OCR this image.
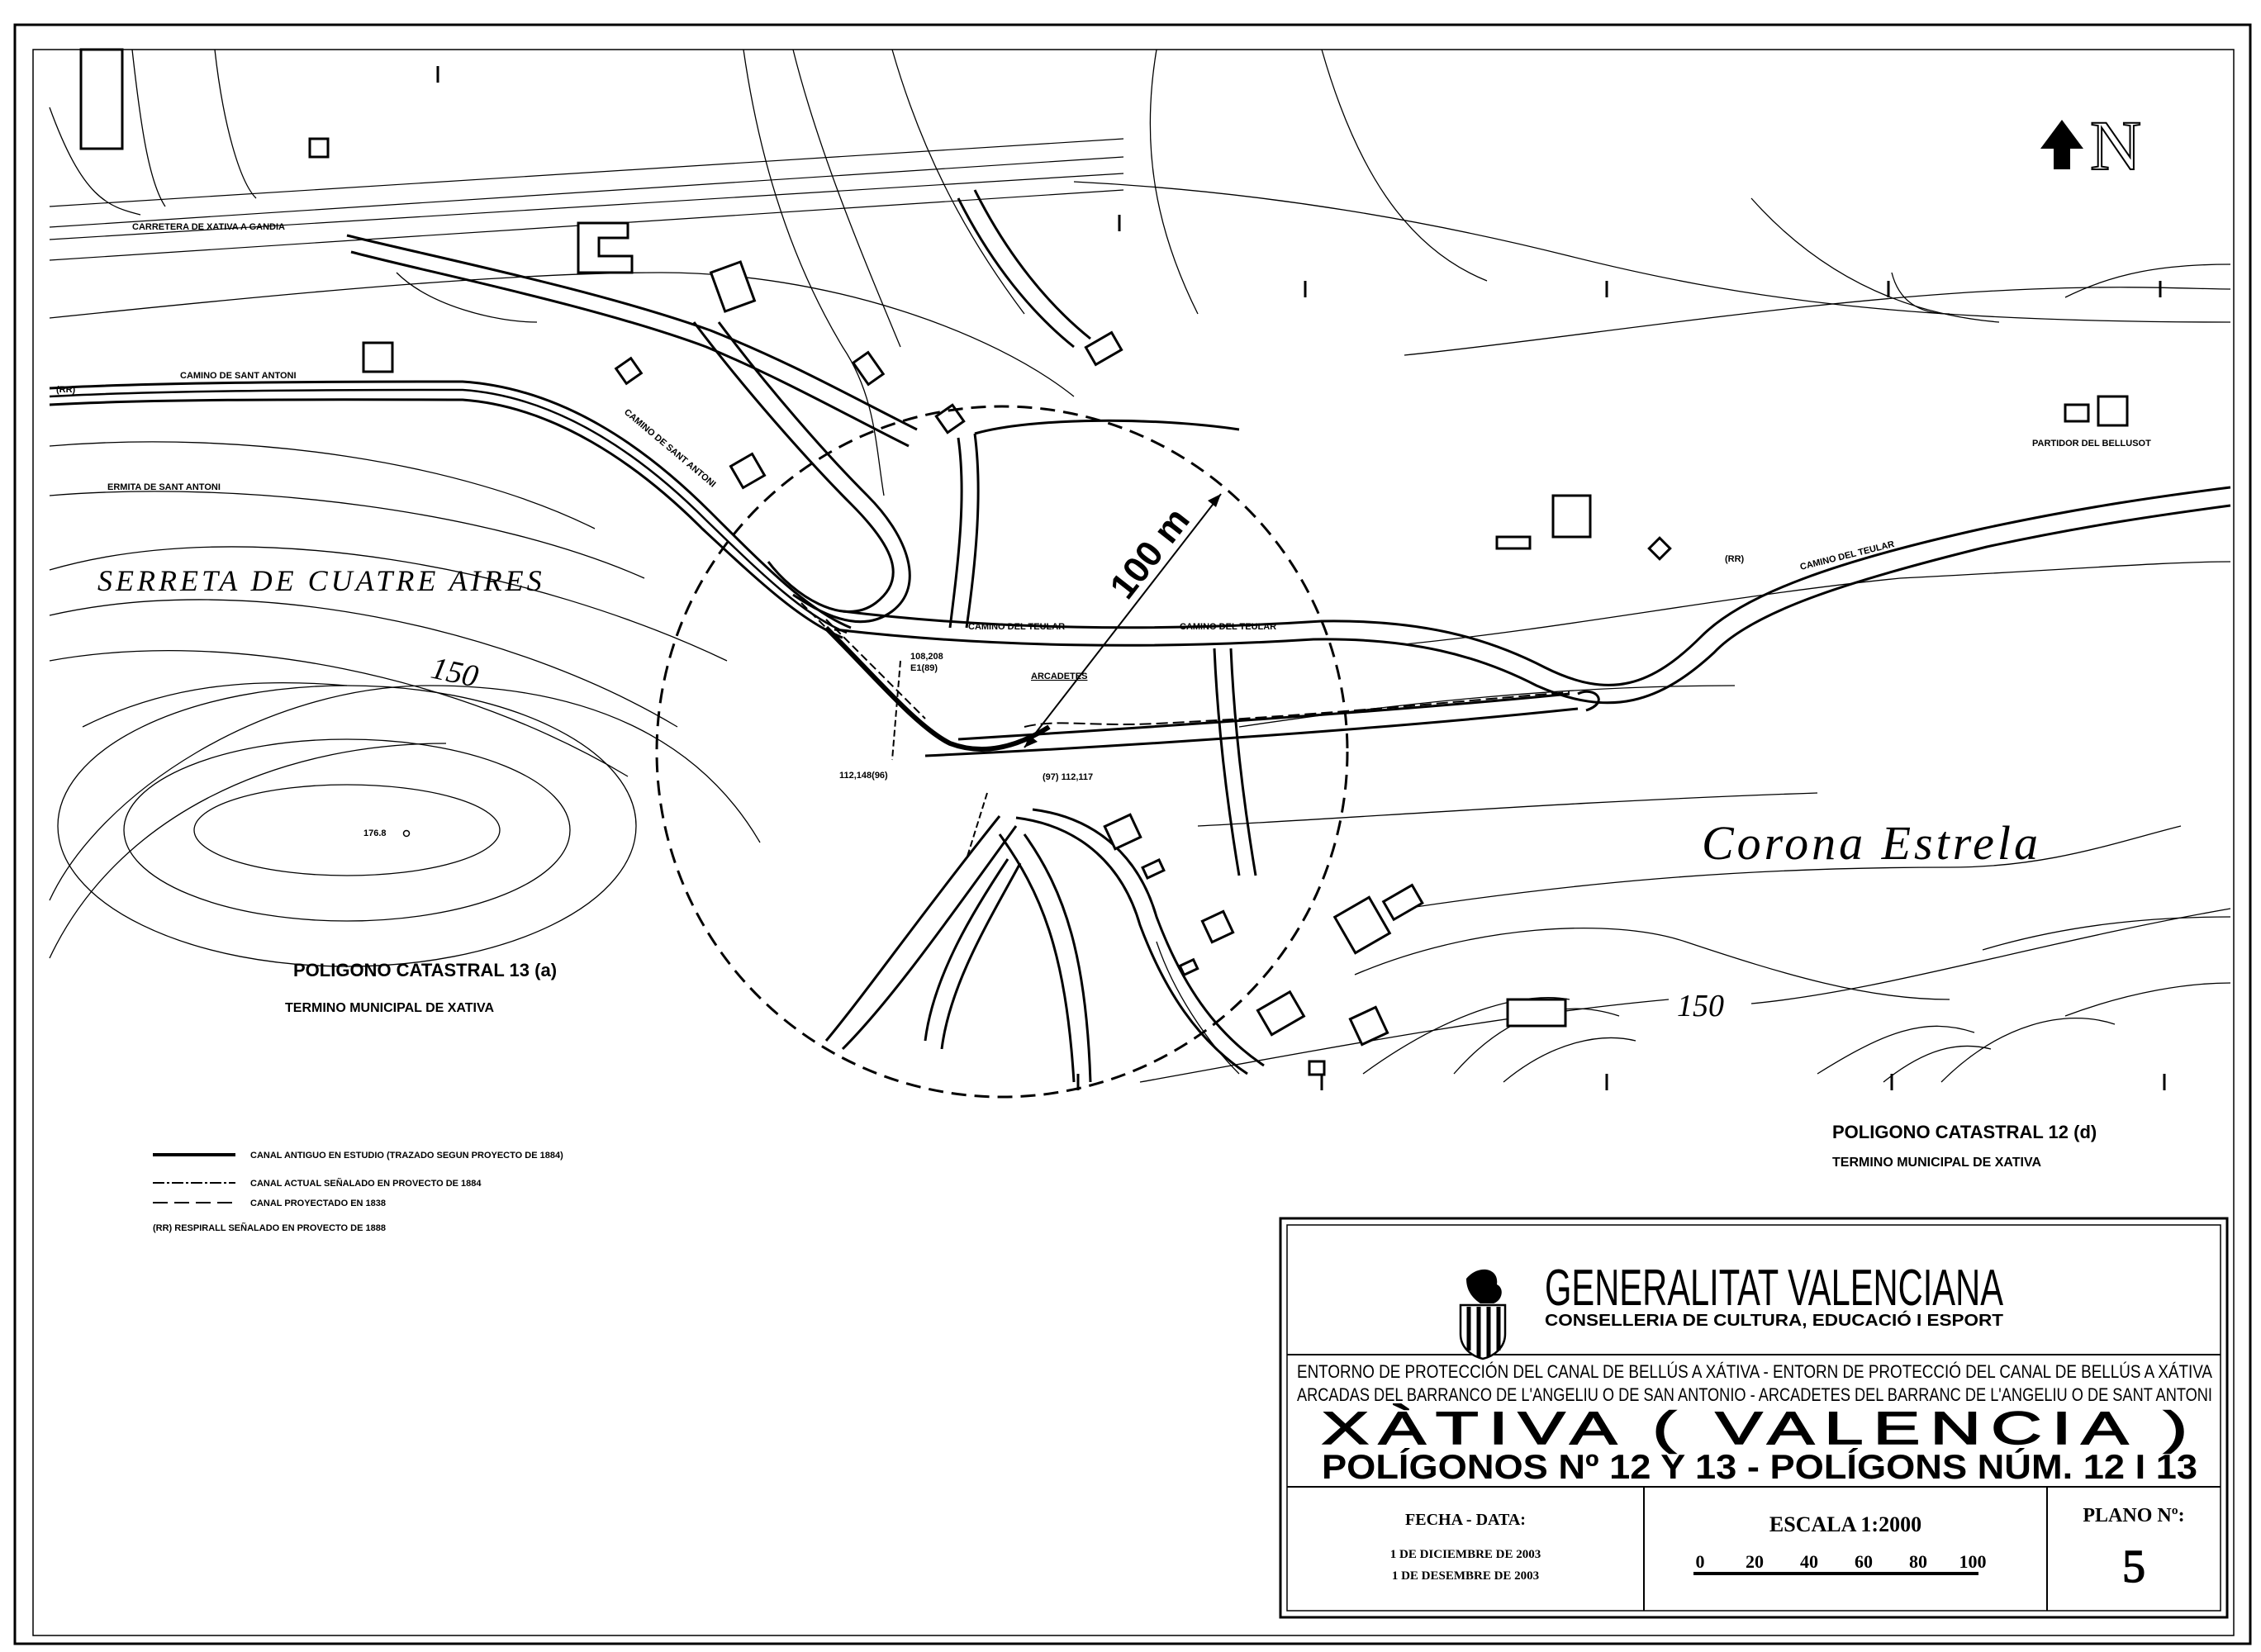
N
CARRETERA DE XATIVA A GANDIA
CAMINO DE SANT ANTONI
CAMINO DE SANT ANTONI
ERMITA DE SANT ANTONI
(RR)
CAMINO DEL TEULAR	CAMINO DEL TEULAR
CAMINO DEL TEULAR
(RR)
PARTIDOR DEL BELLUSOT
ARCADETES
108,208
E1(89)
112,148(96)	(97) 112,117
176.8
SERRETA DE CUATRE AIRES
Corona Estrela
100 m
150
150
POLIGONO CATASTRAL 13 (a)
TERMINO MUNICIPAL DE XATIVA
POLIGONO CATASTRAL 12 (d)
TERMINO MUNICIPAL DE XATIVA
CANAL ANTIGUO EN ESTUDIO (TRAZADO SEGUN PROYECTO DE 1884)
CANAL ACTUAL SEÑALADO EN PROVECTO DE 1884
CANAL PROYECTADO EN 1838
(RR) RESPIRALL SEÑALADO EN PROVECTO DE 1888
GENERALITAT VALENCIANA
CONSELLERIA DE CULTURA, EDUCACIÓ I ESPORT
ENTORNO DE PROTECCIÓN DEL CANAL DE BELLÚS A XÁTIVA - ENTORN DE PROTECCIÓ DEL CANAL DE BELLÚS A XÁTIVA
ARCADAS DEL BARRANCO DE L'ANGELIU O DE SAN ANTONIO - ARCADETES DEL BARRANC DE L'ANGELIU O DE SANT ANTONI
XÀTIVA ( VALENCIA )
POLÍGONOS Nº 12 Y 13 - POLÍGONS NÚM. 12 I 13
FECHA - DATA:
1 DE DICIEMBRE DE 2003
1 DE DESEMBRE DE 2003
ESCALA 1:2000
0 20 40 60 80 100
PLANO Nº:
5
